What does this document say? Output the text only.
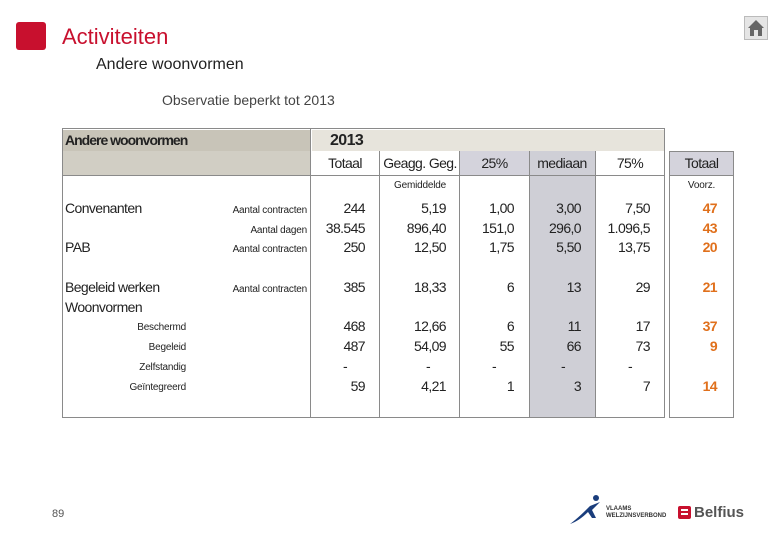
Activiteiten
Andere woonvormen
Observatie beperkt tot 2013
Andere woonvormen	2013
Totaal	Geagg. Geg.	25%	mediaan	75%	Totaal
Gemiddelde	Voorz.
Convenanten	Aantal contracten	244	5,19	1,00	3,00	7,50	47
Aantal dagen	38.545	896,40	151,0	296,0	1.096,5	43
PAB	Aantal contracten	250	12,50	1,75	5,50	13,75	20
Begeleid werken	Aantal contracten	385	18,33	6	13	29	21
Woonvormen
Beschermd	468	12,66	6	11	17	37
Begeleid	487	54,09	55	66	73	9
Zelfstandig	-	-	-	-	-
Geïntegreerd	59	4,21	1	3	7	14
89	VLAAMS WELZIJNSVERBOND	Belfius
